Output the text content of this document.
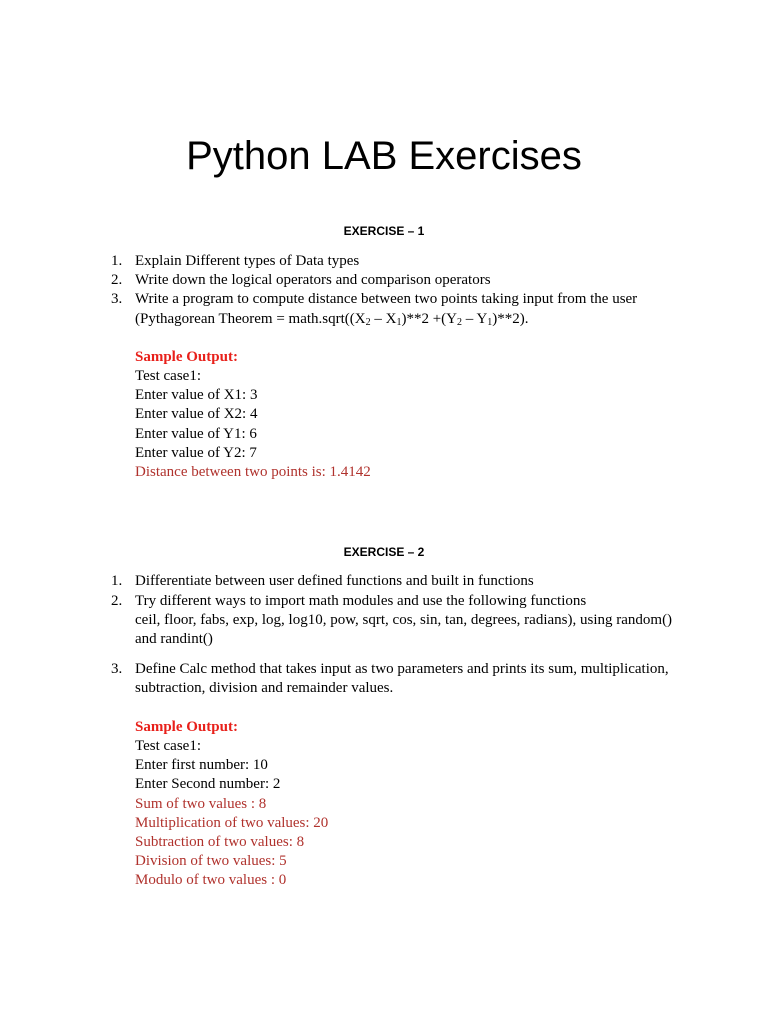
Python LAB Exercises
EXERCISE – 1
1. Explain Different types of Data types
2. Write down the logical operators and comparison operators
3. Write a program to compute distance between two points taking input from the user
(Pythagorean Theorem = $math.sqrt((X_2 - X_1)**2 +(Y_2 - Y_1)**2)$.
Sample Output:
Test case1:
Enter value of X1: 3
Enter value of X2: 4
Enter value of Y1: 6
Enter value of Y2: 7
Distance between two points is: 1.4142
EXERCISE – 2
1. Differentiate between user defined functions and built in functions
2. Try different ways to import math modules and use the following functions
ceil, floor, fabs, exp, log, log10, pow, sqrt, cos, sin, tan, degrees, radians), using random()
and randint()
3. Define Calc method that takes input as two parameters and prints its sum, multiplication,
subtraction, division and remainder values.
Sample Output:
Test case1:
Enter first number: 10
Enter Second number: 2
Sum of two values : 8
Multiplication of two values: 20
Subtraction of two values: 8
Division of two values: 5
Modulo of two values : 0
